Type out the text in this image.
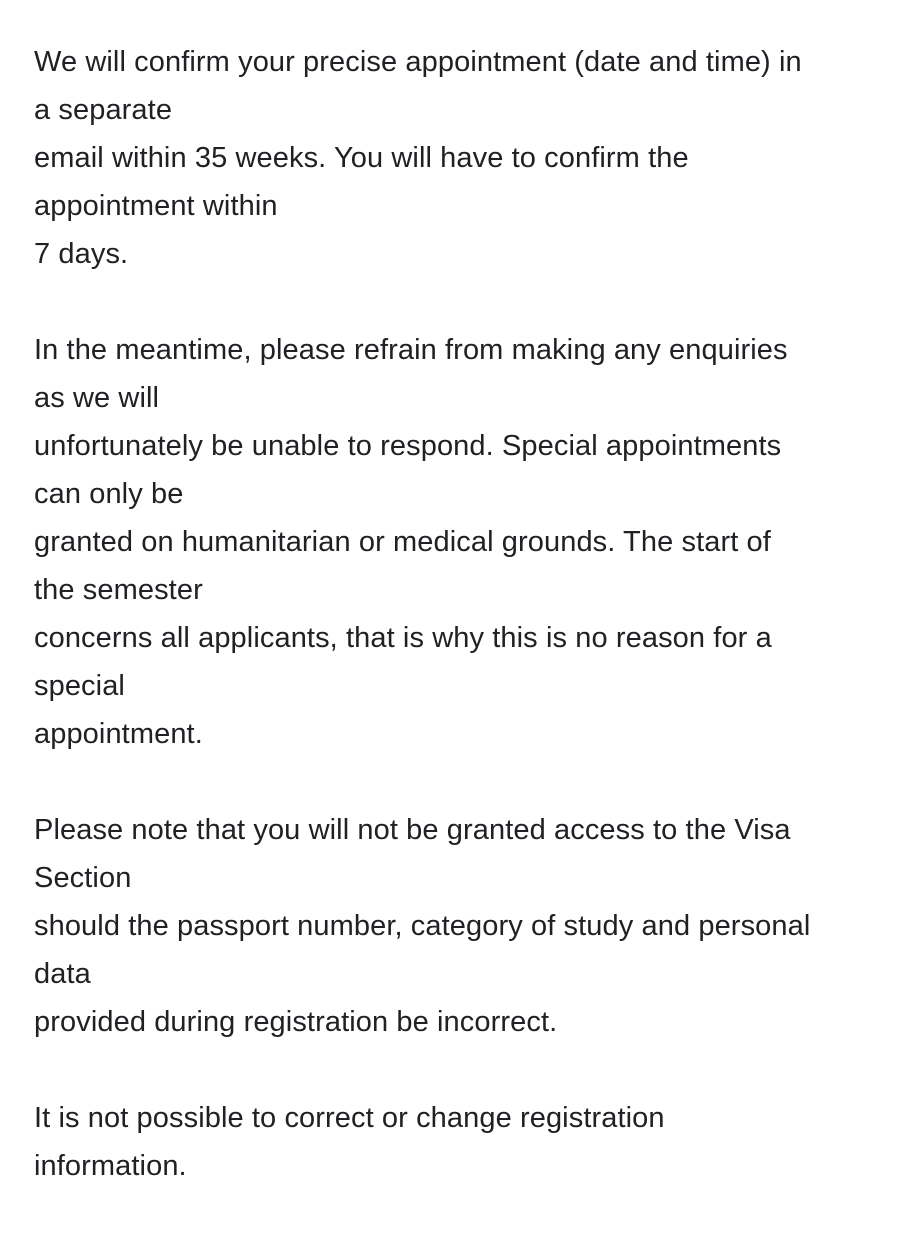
We will confirm your precise appointment (date and time) in
a separate
email within 35 weeks. You will have to confirm the
appointment within
7 days.
In the meantime, please refrain from making any enquiries
as we will
unfortunately be unable to respond. Special appointments
can only be
granted on humanitarian or medical grounds. The start of
the semester
concerns all applicants, that is why this is no reason for a
special
appointment.
Please note that you will not be granted access to the Visa
Section
should the passport number, category of study and personal
data
provided during registration be incorrect.
It is not possible to correct or change registration
information.
